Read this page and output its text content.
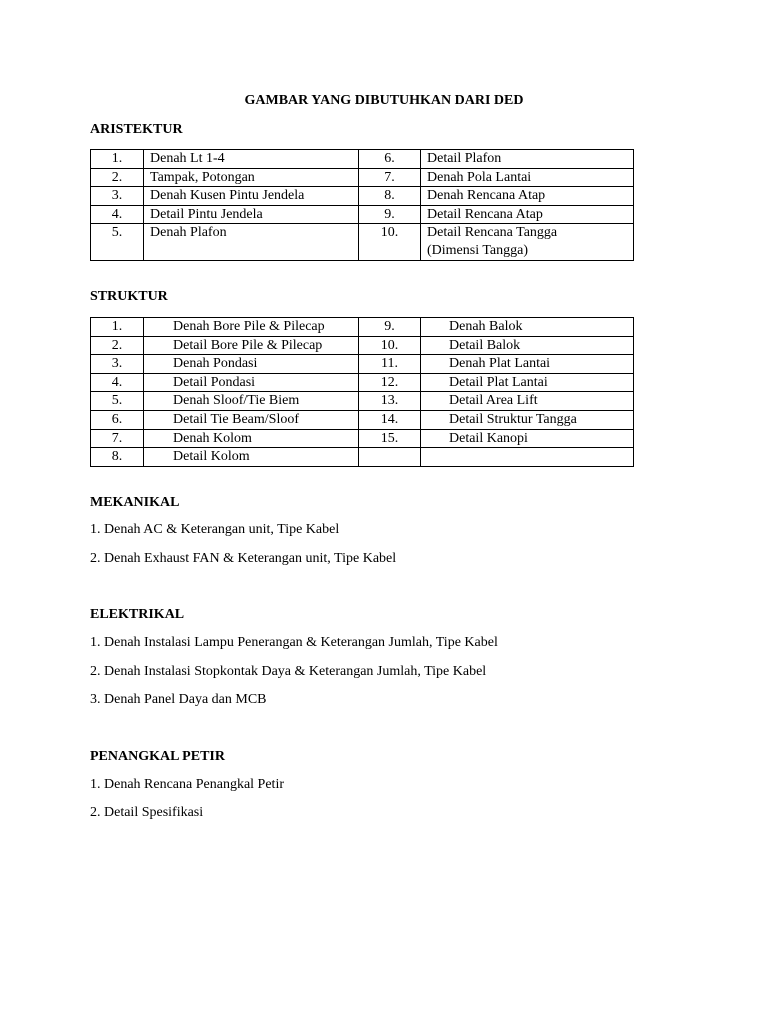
GAMBAR YANG DIBUTUHKAN DARI DED
ARISTEKTUR
1.	Denah Lt 1-4	6.	Detail Plafon
2.	Tampak, Potongan	7.	Denah Pola Lantai
3.	Denah Kusen Pintu Jendela	8.	Denah Rencana Atap
4.	Detail Pintu Jendela	9.	Detail Rencana Atap
5.	Denah Plafon	10.	Detail Rencana Tangga
(Dimensi Tangga)
STRUKTUR
1.	Denah Bore Pile & Pilecap	9.	Denah Balok
2.	Detail Bore Pile & Pilecap	10.	Detail Balok
3.	Denah Pondasi	11.	Denah Plat Lantai
4.	Detail Pondasi	12.	Detail Plat Lantai
5.	Denah Sloof/Tie Biem	13.	Detail Area Lift
6.	Detail Tie Beam/Sloof	14.	Detail Struktur Tangga
7.	Denah Kolom	15.	Detail Kanopi
8.	Detail Kolom		
MEKANIKAL
1. Denah AC & Keterangan unit, Tipe Kabel
2. Denah Exhaust FAN & Keterangan unit, Tipe Kabel
ELEKTRIKAL
1. Denah Instalasi Lampu Penerangan & Keterangan Jumlah, Tipe Kabel
2. Denah Instalasi Stopkontak Daya & Keterangan Jumlah, Tipe Kabel
3. Denah Panel Daya dan MCB
PENANGKAL PETIR
1. Denah Rencana Penangkal Petir
2. Detail Spesifikasi
